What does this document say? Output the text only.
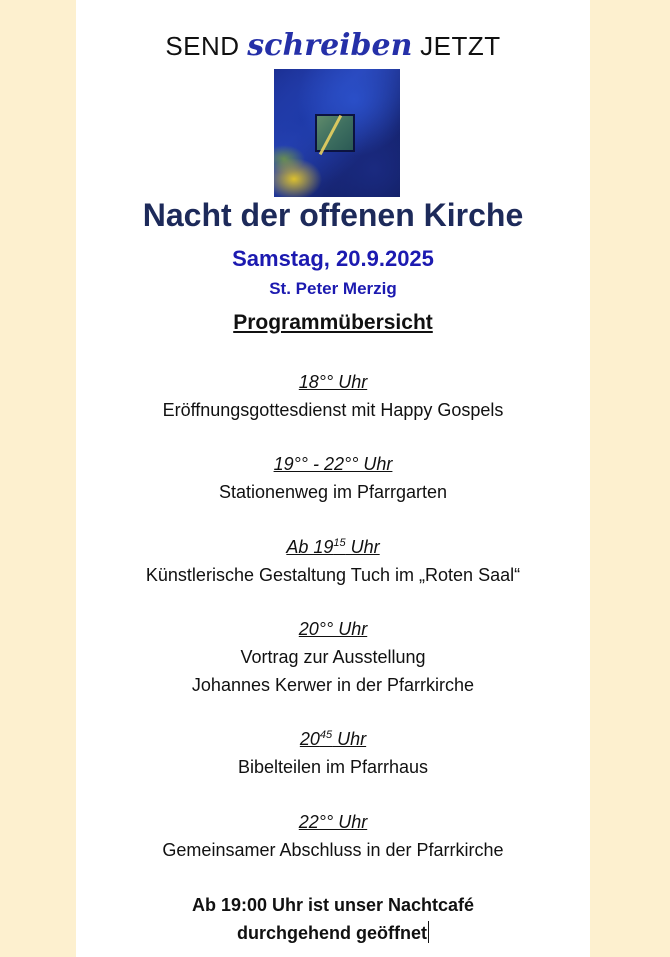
SEND schreiben JETZT
Nacht der offenen Kirche
Samstag, 20.9.2025
St. Peter Merzig
Programmübersicht
18°° Uhr
Eröffnungsgottesdienst mit Happy Gospels
19°° - 22°° Uhr
Stationenweg im Pfarrgarten
Ab $19^{15}$ Uhr
Künstlerische Gestaltung Tuch im „Roten Saal“
20°° Uhr
Vortrag zur Ausstellung
Johannes Kerwer in der Pfarrkirche
$20^{45}$ Uhr
Bibelteilen im Pfarrhaus
22°° Uhr
Gemeinsamer Abschluss in der Pfarrkirche
Ab 19:00 Uhr ist unser Nachtcafé
durchgehend geöffnet
